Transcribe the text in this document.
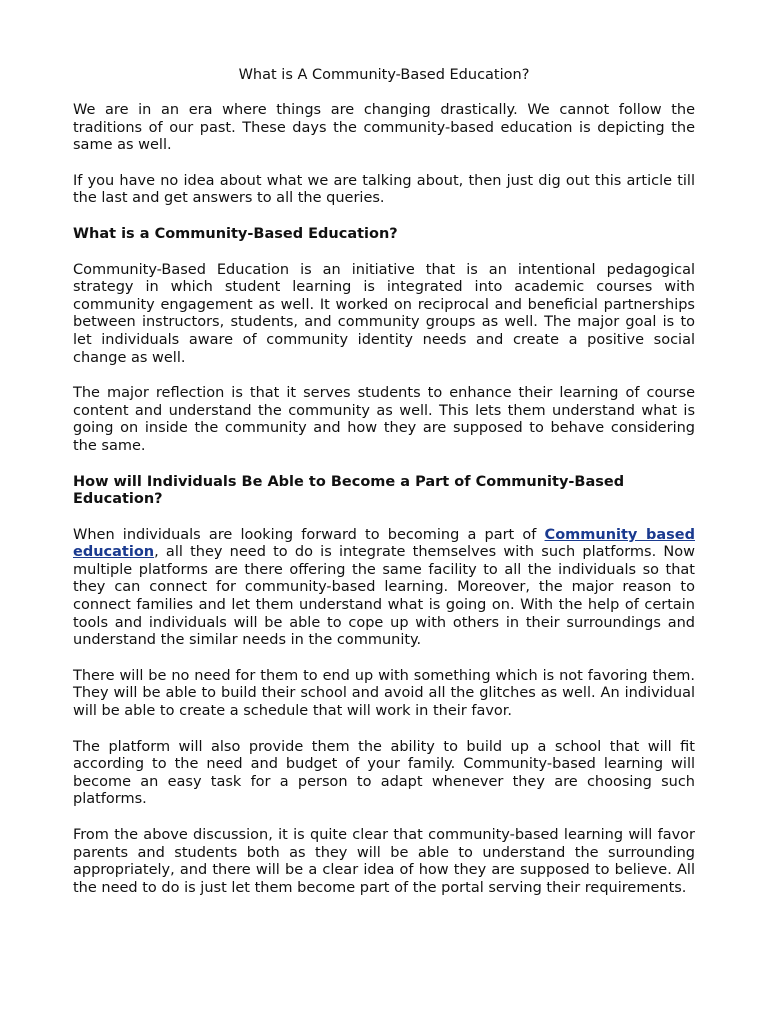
What is A Community-Based Education?

We are in an era where things are changing drastically. We cannot follow the traditions of our past. These days the community-based education is depicting the same as well.

If you have no idea about what we are talking about, then just dig out this article till the last and get answers to all the queries.

What is a Community-Based Education?

Community-Based Education is an initiative that is an intentional pedagogical strategy in which student learning is integrated into academic courses with community engagement as well. It worked on reciprocal and beneficial partnerships between instructors, students, and community groups as well. The major goal is to let individuals aware of community identity needs and create a positive social change as well.

The major reflection is that it serves students to enhance their learning of course content and understand the community as well. This lets them understand what is going on inside the community and how they are supposed to behave considering the same.

How will Individuals Be Able to Become a Part of Community-Based Education?

When individuals are looking forward to becoming a part of Community based education, all they need to do is integrate themselves with such platforms. Now multiple platforms are there offering the same facility to all the individuals so that they can connect for community-based learning. Moreover, the major reason to connect families and let them understand what is going on. With the help of certain tools and individuals will be able to cope up with others in their surroundings and understand the similar needs in the community.

There will be no need for them to end up with something which is not favoring them. They will be able to build their school and avoid all the glitches as well. An individual will be able to create a schedule that will work in their favor.

The platform will also provide them the ability to build up a school that will fit according to the need and budget of your family. Community-based learning will become an easy task for a person to adapt whenever they are choosing such platforms.

From the above discussion, it is quite clear that community-based learning will favor parents and students both as they will be able to understand the surrounding appropriately, and there will be a clear idea of how they are supposed to believe. All the need to do is just let them become part of the portal serving their requirements.
